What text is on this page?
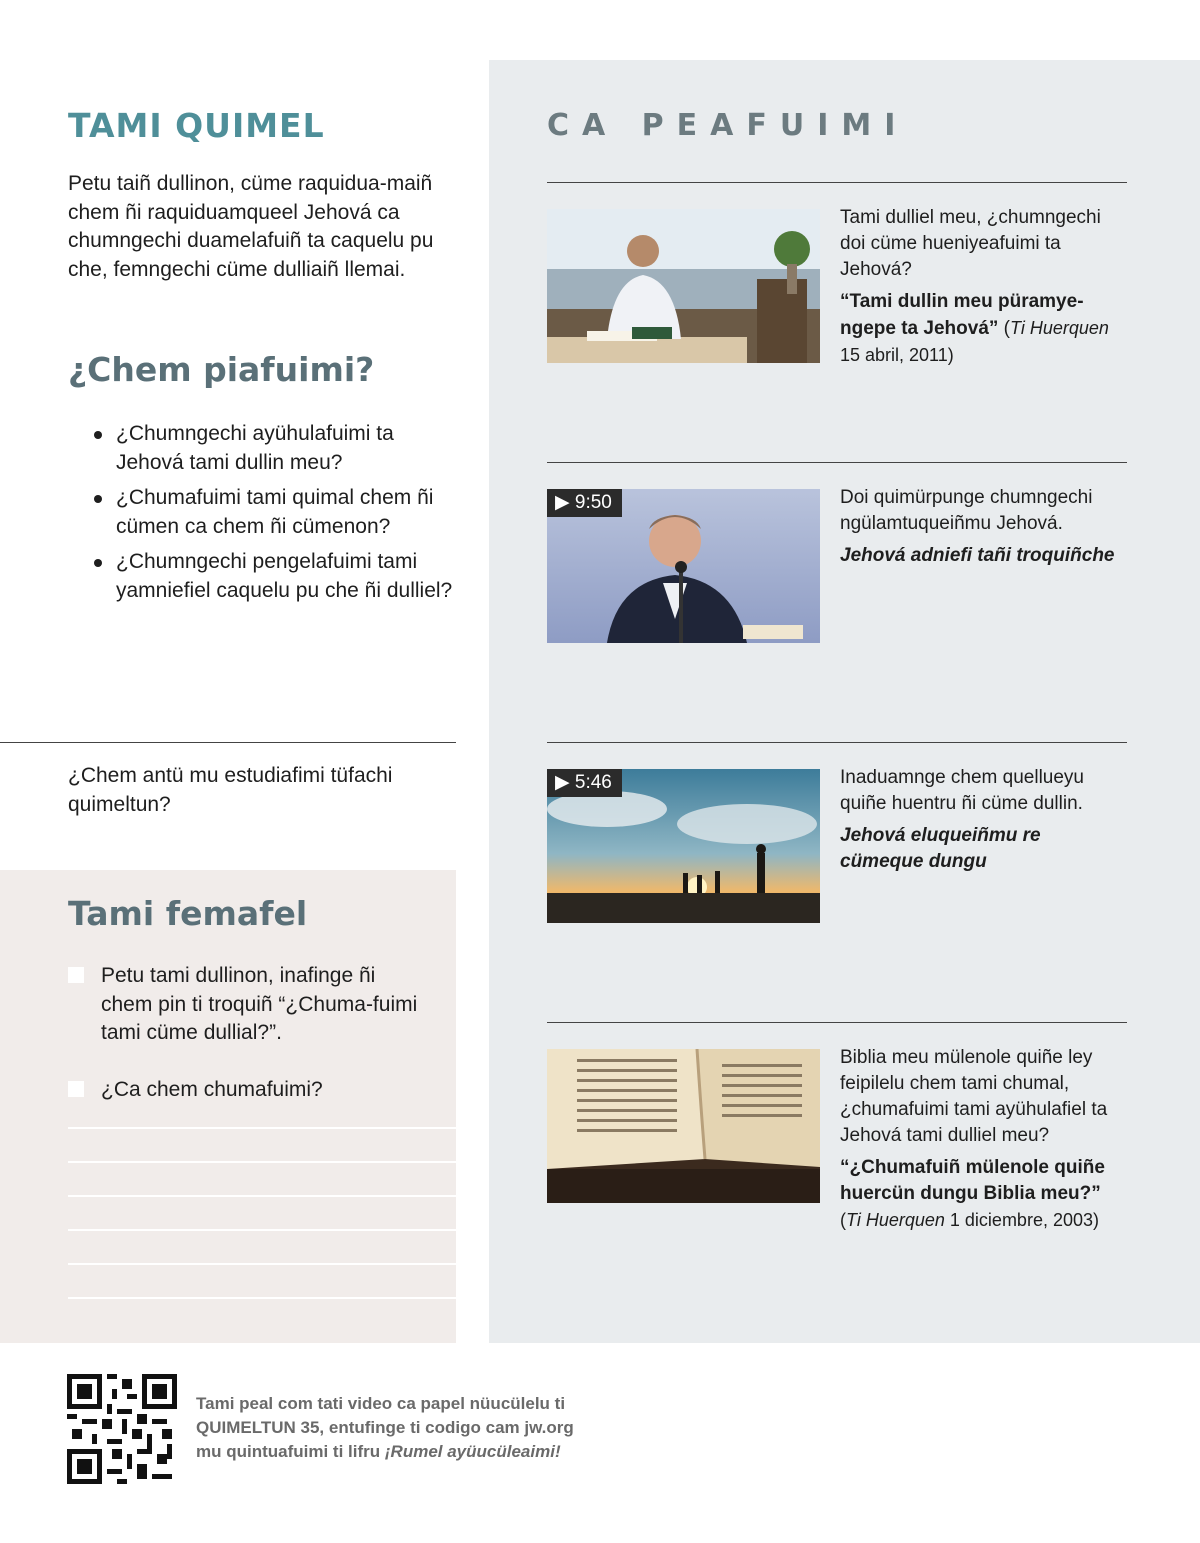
TAMI QUIMEL

Petu taiñ dullinon, cüme raquidua-maiñ chem ñi raquiduamqueel Jehová ca chumngechi duamelafuiñ ta caquelu pu che, femngechi cüme dulliaiñ llemai.

¿Chem piafuimi?
¿Chumngechi ayühulafuimi ta Jehová tami dullin meu?
¿Chumafuimi tami quimal chem ñi cümen ca chem ñi cümenon?
¿Chumngechi pengelafuimi tami yamniefiel caquelu pu che ñi dulliel?

¿Chem antü mu estudiafimi tüfachi quimeltun?

Tami femafel
Petu tami dullinon, inafinge ñi chem pin ti troquiñ “¿Chuma-fuimi tami cüme dullial?”.
¿Ca chem chumafuimi?
CA PEAFUIMI

Tami dulliel meu, ¿chumngechi doi cüme hueniyeafuimi ta Jehová?

“Tami dullin meu püramye-ngepe ta Jehová” (Ti Huerquen

15 abril, 2011)

▶ 9:50	Doi quimürpunge chumngechi ngülamtuqueiñmu Jehová.

Jehová adniefi tañi troquiñche

▶ 5:46	Inaduamnge chem quellueyu quiñe huentru ñi cüme dullin.

Jehová eluqueiñmu re cümeque dungu

Biblia meu mülenole quiñe ley feipilelu chem tami chumal, ¿chumafuimi tami ayühulafiel ta Jehová tami dulliel meu?

“¿Chumafuiñ mülenole quiñe huercün dungu Biblia meu?”

(Ti Huerquen 1 diciembre, 2003)

Tami peal com tati video ca papel nüucülelu ti QUIMELTUN 35, entufinge ti codigo cam jw.org mu quintuafuimi ti lifru ¡Rumel ayüucüleaimi!
